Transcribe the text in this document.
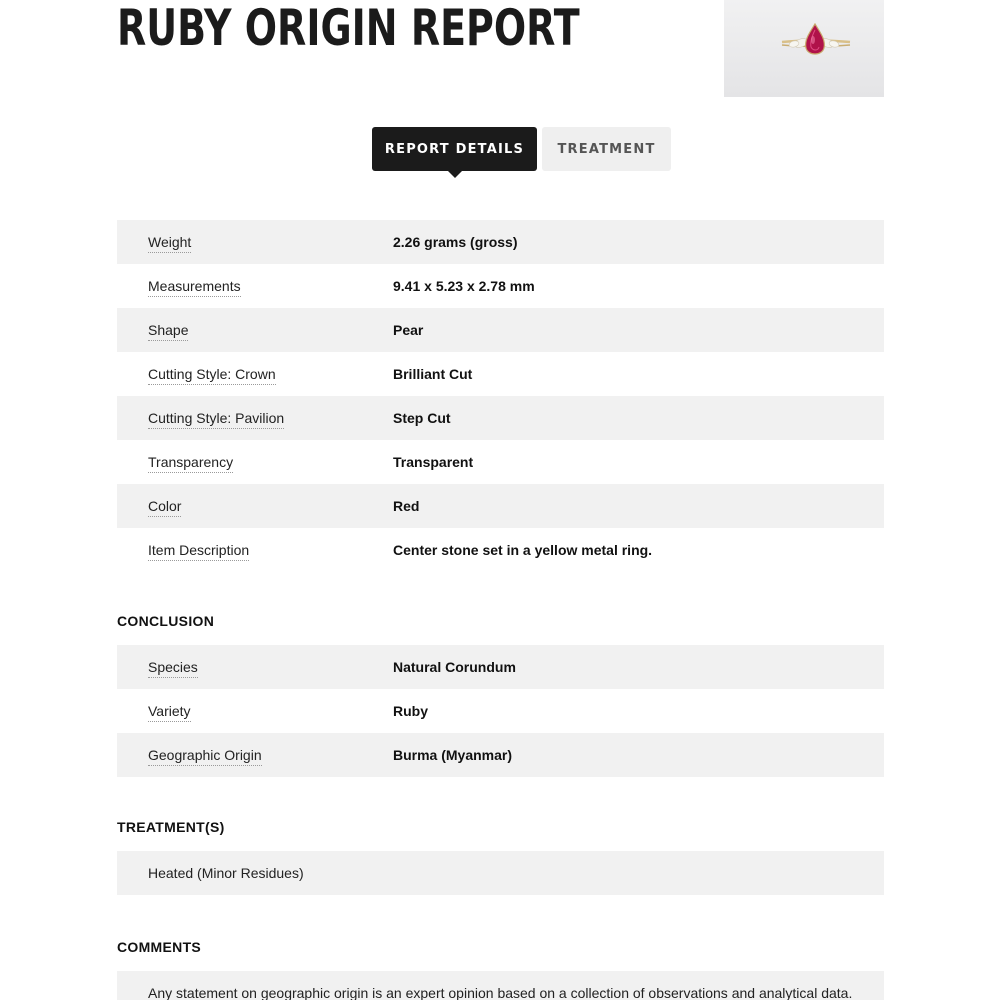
RUBY ORIGIN REPORT
REPORT DETAILS	TREATMENT
Weight	2.26 grams (gross)
Measurements	9.41 x 5.23 x 2.78 mm
Shape	Pear
Cutting Style: Crown	Brilliant Cut
Cutting Style: Pavilion	Step Cut
Transparency	Transparent
Color	Red
Item Description	Center stone set in a yellow metal ring.
CONCLUSION
Species	Natural Corundum
Variety	Ruby
Geographic Origin	Burma (Myanmar)
TREATMENT(S)
Heated (Minor Residues)
COMMENTS
Any statement on geographic origin is an expert opinion based on a collection of observations and analytical data.
